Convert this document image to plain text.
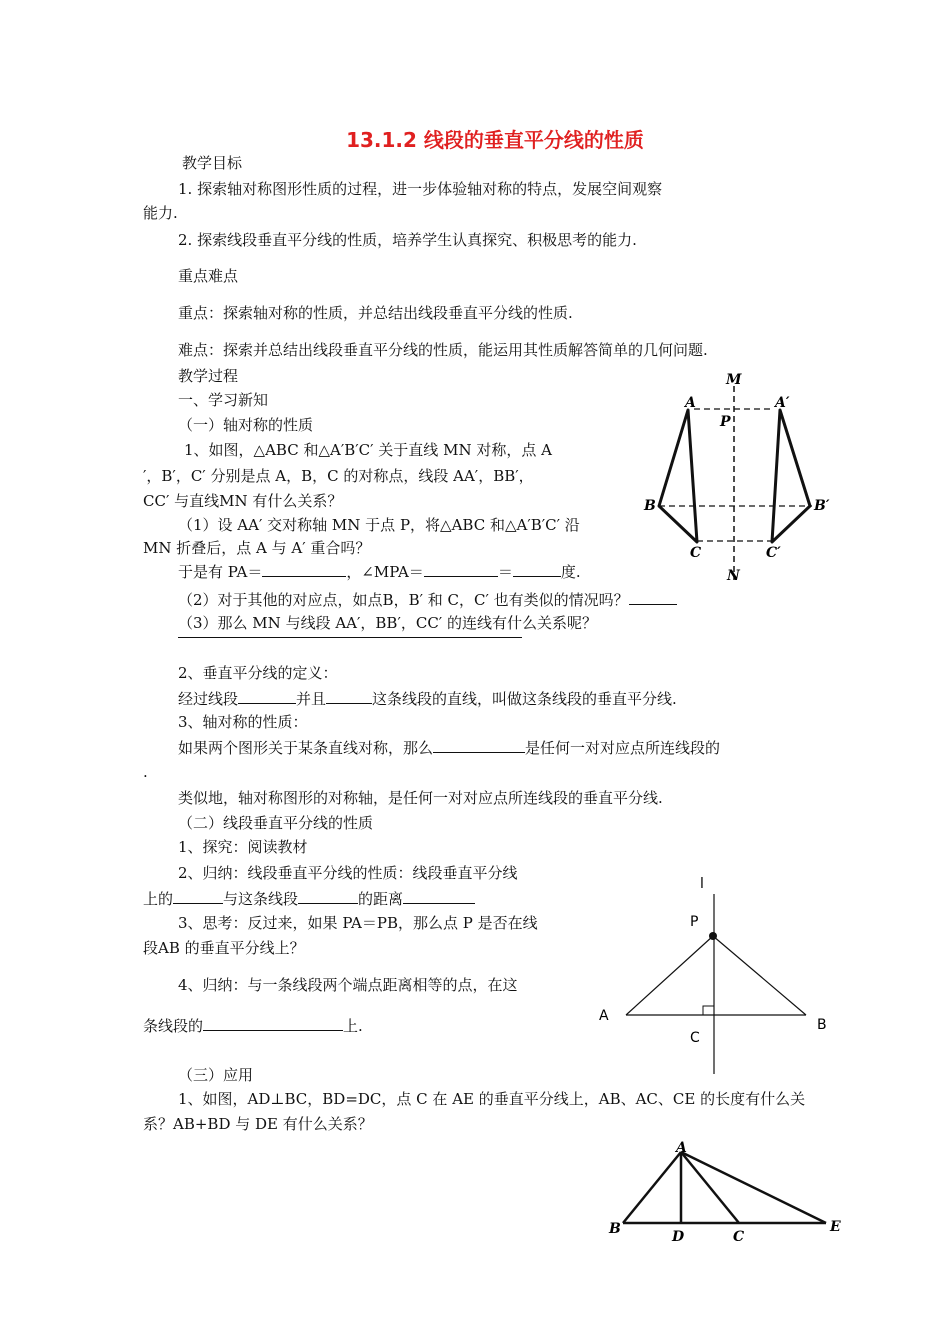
13.1.2 线段的垂直平分线的性质
教学目标
1. 探索轴对称图形性质的过程，进一步体验轴对称的特点，发展空间观察
能力.
2. 探索线段垂直平分线的性质，培养学生认真探究、积极思考的能力.
重点难点
重点：探索轴对称的性质，并总结出线段垂直平分线的性质.
难点：探索并总结出线段垂直平分线的性质，能运用其性质解答简单的几何问题.
教学过程
一、学习新知
（一）轴对称的性质
1、如图，△ABC 和△A′B′C′ 关于直线 MN 对称，点 A
′，B′，C′ 分别是点 A，B，C 的对称点，线段 AA′，BB′，
CC′ 与直线MN 有什么关系？
（1）设 AA′ 交对称轴 MN 于点 P，将△ABC 和△A′B′C′ 沿
MN 折叠后，点 A 与 A′ 重合吗？
于是有 PA＝	，∠MPA＝	＝	度.
（2）对于其他的对应点，如点B，B′ 和 C，C′ 也有类似的情况吗？
（3）那么 MN 与线段 AA′，BB′，CC′ 的连线有什么关系呢？
2、垂直平分线的定义：
经过线段	并且	这条线段的直线，叫做这条线段的垂直平分线.
3、轴对称的性质：
如果两个图形关于某条直线对称，那么	是任何一对对应点所连线段的
.
类似地，轴对称图形的对称轴，是任何一对对应点所连线段的垂直平分线.
（二）线段垂直平分线的性质
1、探究：阅读教材
2、归纳：线段垂直平分线的性质：线段垂直平分线
上的	与这条线段	的距离
3、思考：反过来，如果 PA＝PB，那么点 P 是否在线
段AB 的垂直平分线上？
4、归纳：与一条线段两个端点距离相等的点，在这
条线段的	上.
（三）应用
1、如图，AD⊥BC，BD=DC，点 C 在 AE 的垂直平分线上，AB、AC、CE 的长度有什么关
系？AB+BD 与 DE 有什么关系？
M
N
A	A′
P
B	B′
C	C′
l
P
A
B
C
A
B	D	C
E
